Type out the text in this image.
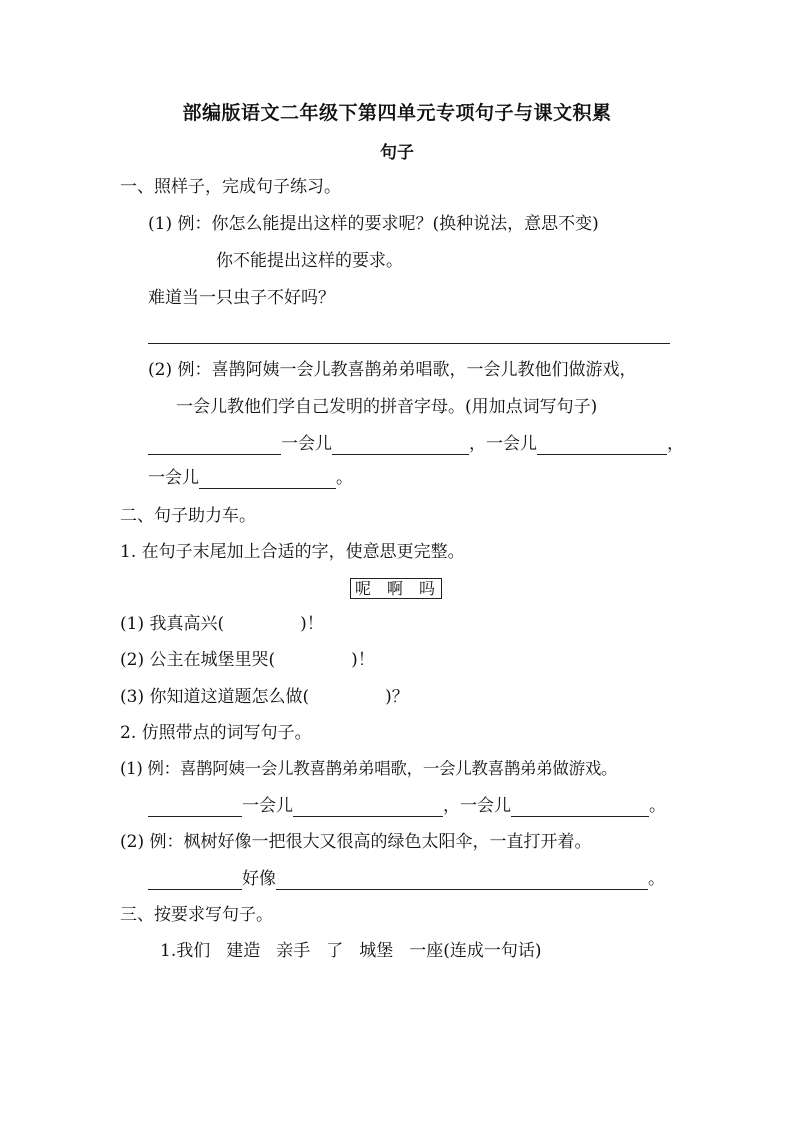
部编版语文二年级下第四单元专项句子与课文积累
句子
一、照样子，完成句子练习。
(1) 例：你怎么能提出这样的要求呢？(换种说法，意思不变)
你不能提出这样的要求。
难道当一只虫子不好吗？
(2) 例：喜鹊阿姨一会儿教喜鹊弟弟唱歌，一会儿教他们做游戏，
一会儿教他们学自己发明的拼音字母。(用加点词写句子)
一会儿	，一会儿	，
一会儿	。
二、句子助力车。
1. 在句子末尾加上合适的字，使意思更完整。
呢 啊 吗
(1) 我真高兴(	)！
(2) 公主在城堡里哭(	)！
(3) 你知道这道题怎么做(	)？
2. 仿照带点的词写句子。
(1) 例：喜鹊阿姨一会儿教喜鹊弟弟唱歌，一会儿教喜鹊弟弟做游戏。
一会儿	，一会儿	。
(2) 例：枫树好像一把很大又很高的绿色太阳伞，一直打开着。
好像	。
三、按要求写句子。
1.我们 建造 亲手 了 城堡 一座(连成一句话)
